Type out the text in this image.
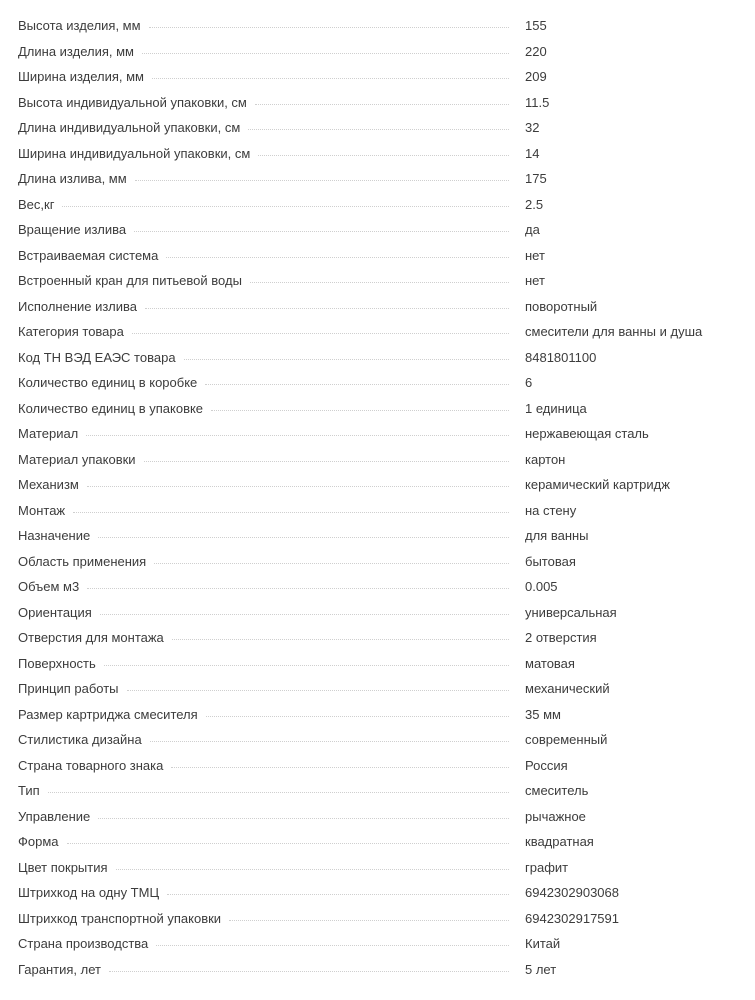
Высота изделия, мм	155
Длина изделия, мм	220
Ширина изделия, мм	209
Высота индивидуальной упаковки, см	11.5
Длина индивидуальной упаковки, см	32
Ширина индивидуальной упаковки, см	14
Длина излива, мм	175
Вес,кг	2.5
Вращение излива	да
Встраиваемая система	нет
Встроенный кран для питьевой воды	нет
Исполнение излива	поворотный
Категория товара	смесители для ванны и душа
Код ТН ВЭД ЕАЭС товара	8481801100
Количество единиц в коробке	6
Количество единиц в упаковке	1 единица
Материал	нержавеющая сталь
Материал упаковки	картон
Механизм	керамический картридж
Монтаж	на стену
Назначение	для ванны
Область применения	бытовая
Объем м3	0.005
Ориентация	универсальная
Отверстия для монтажа	2 отверстия
Поверхность	матовая
Принцип работы	механический
Размер картриджа смесителя	35 мм
Стилистика дизайна	современный
Страна товарного знака	Россия
Тип	смеситель
Управление	рычажное
Форма	квадратная
Цвет покрытия	графит
Штрихкод на одну ТМЦ	6942302903068
Штрихкод транспортной упаковки	6942302917591
Страна производства	Китай
Гарантия, лет	5 лет
